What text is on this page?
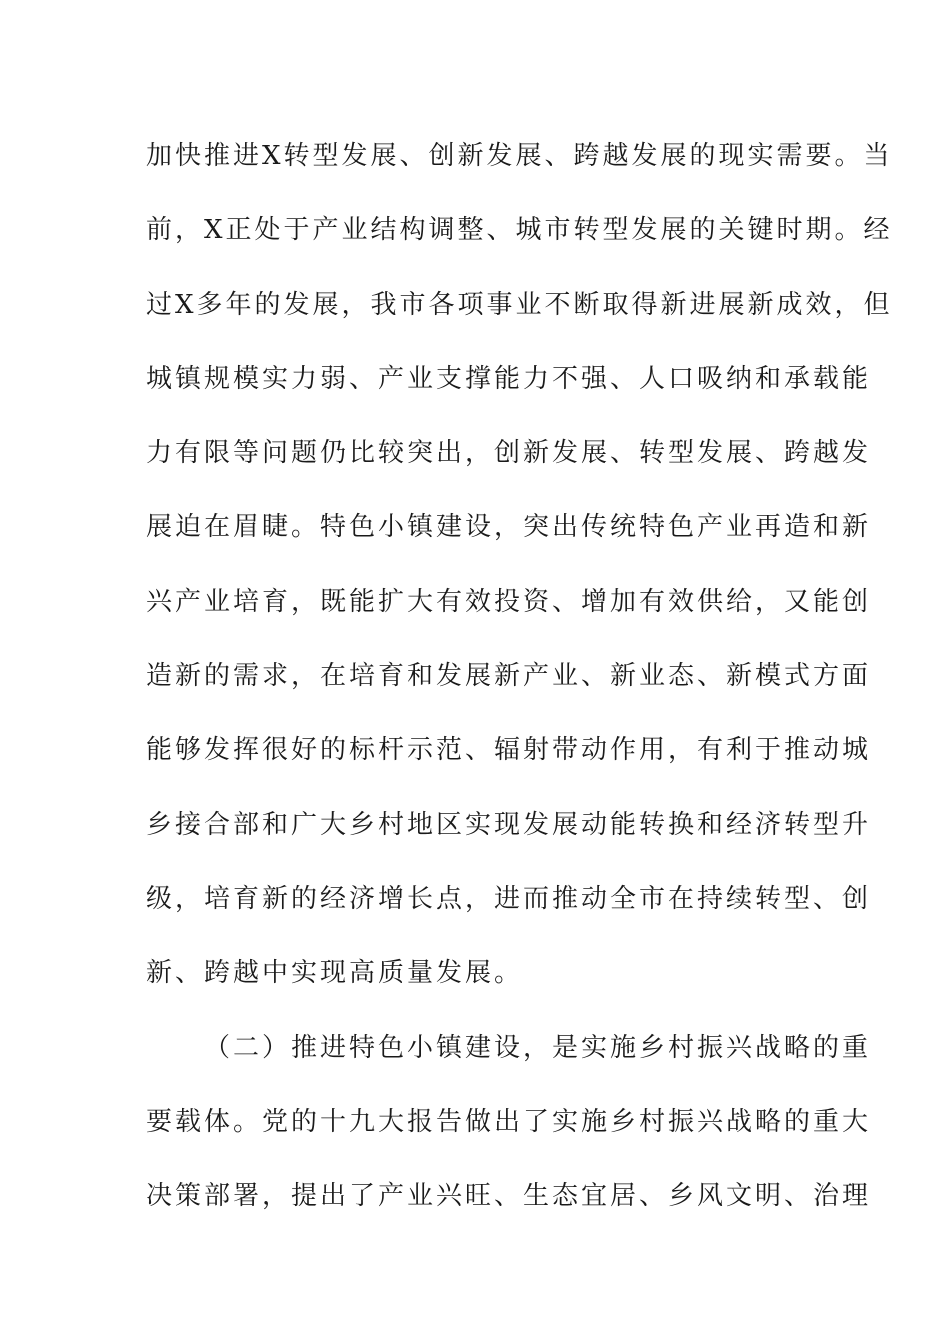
加快推进X转型发展、创新发展、跨越发展的现实需要。当
前，X正处于产业结构调整、城市转型发展的关键时期。经
过X多年的发展，我市各项事业不断取得新进展新成效，但
城镇规模实力弱、产业支撑能力不强、人口吸纳和承载能
力有限等问题仍比较突出，创新发展、转型发展、跨越发
展迫在眉睫。特色小镇建设，突出传统特色产业再造和新
兴产业培育，既能扩大有效投资、增加有效供给，又能创
造新的需求，在培育和发展新产业、新业态、新模式方面
能够发挥很好的标杆示范、辐射带动作用，有利于推动城
乡接合部和广大乡村地区实现发展动能转换和经济转型升
级，培育新的经济增长点，进而推动全市在持续转型、创
新、跨越中实现高质量发展。
（二）推进特色小镇建设，是实施乡村振兴战略的重
要载体。党的十九大报告做出了实施乡村振兴战略的重大
决策部署，提出了产业兴旺、生态宜居、乡风文明、治理
